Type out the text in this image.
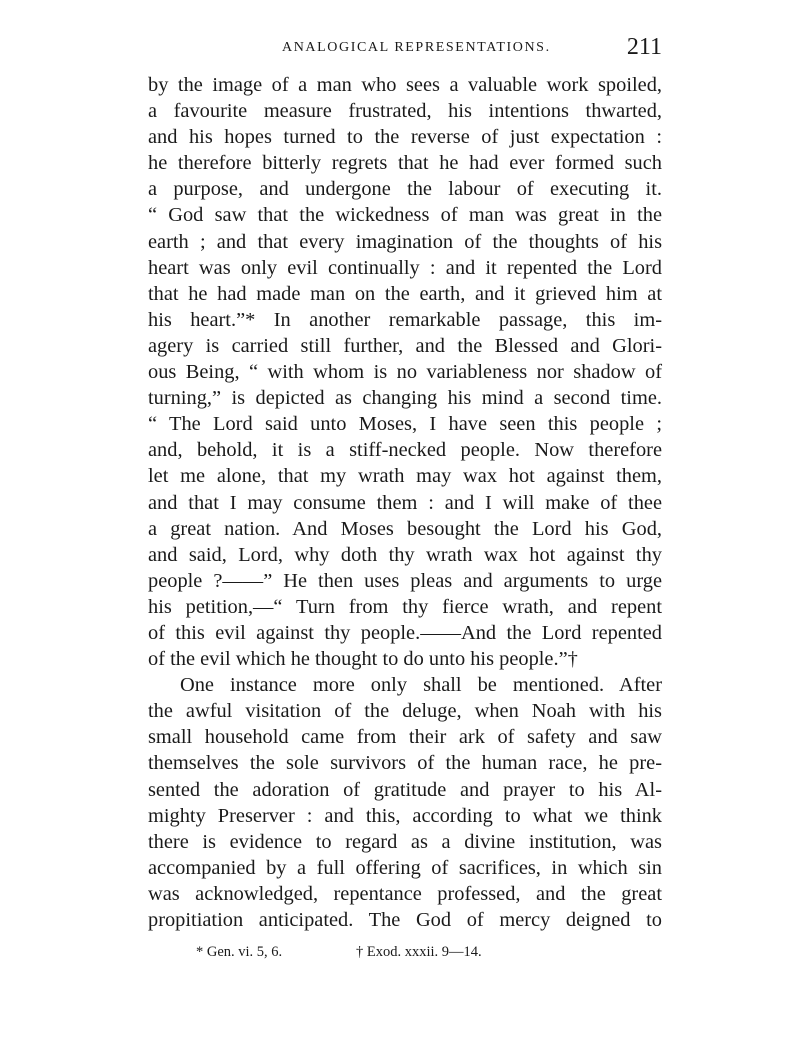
ANALOGICAL REPRESENTATIONS.	211
by the image of a man who sees a valuable work spoiled,
a favourite measure frustrated, his intentions thwarted,
and his hopes turned to the reverse of just expectation :
he therefore bitterly regrets that he had ever formed such
a purpose, and undergone the labour of executing it.
“ God saw that the wickedness of man was great in the
earth ; and that every imagination of the thoughts of his
heart was only evil continually : and it repented the Lord
that he had made man on the earth, and it grieved him at
his heart.”* In another remarkable passage, this im-
agery is carried still further, and the Blessed and Glori-
ous Being, “ with whom is no variableness nor shadow of
turning,” is depicted as changing his mind a second time.
“ The Lord said unto Moses, I have seen this people ;
and, behold, it is a stiff-necked people. Now therefore
let me alone, that my wrath may wax hot against them,
and that I may consume them : and I will make of thee
a great nation. And Moses besought the Lord his God,
and said, Lord, why doth thy wrath wax hot against thy
people ?——” He then uses pleas and arguments to urge
his petition,—“ Turn from thy fierce wrath, and repent
of this evil against thy people.——And the Lord repented
of the evil which he thought to do unto his people.”†
One instance more only shall be mentioned. After
the awful visitation of the deluge, when Noah with his
small household came from their ark of safety and saw
themselves the sole survivors of the human race, he pre-
sented the adoration of gratitude and prayer to his Al-
mighty Preserver : and this, according to what we think
there is evidence to regard as a divine institution, was
accompanied by a full offering of sacrifices, in which sin
was acknowledged, repentance professed, and the great
propitiation anticipated. The God of mercy deigned to
* Gen. vi. 5, 6.	† Exod. xxxii. 9—14.
